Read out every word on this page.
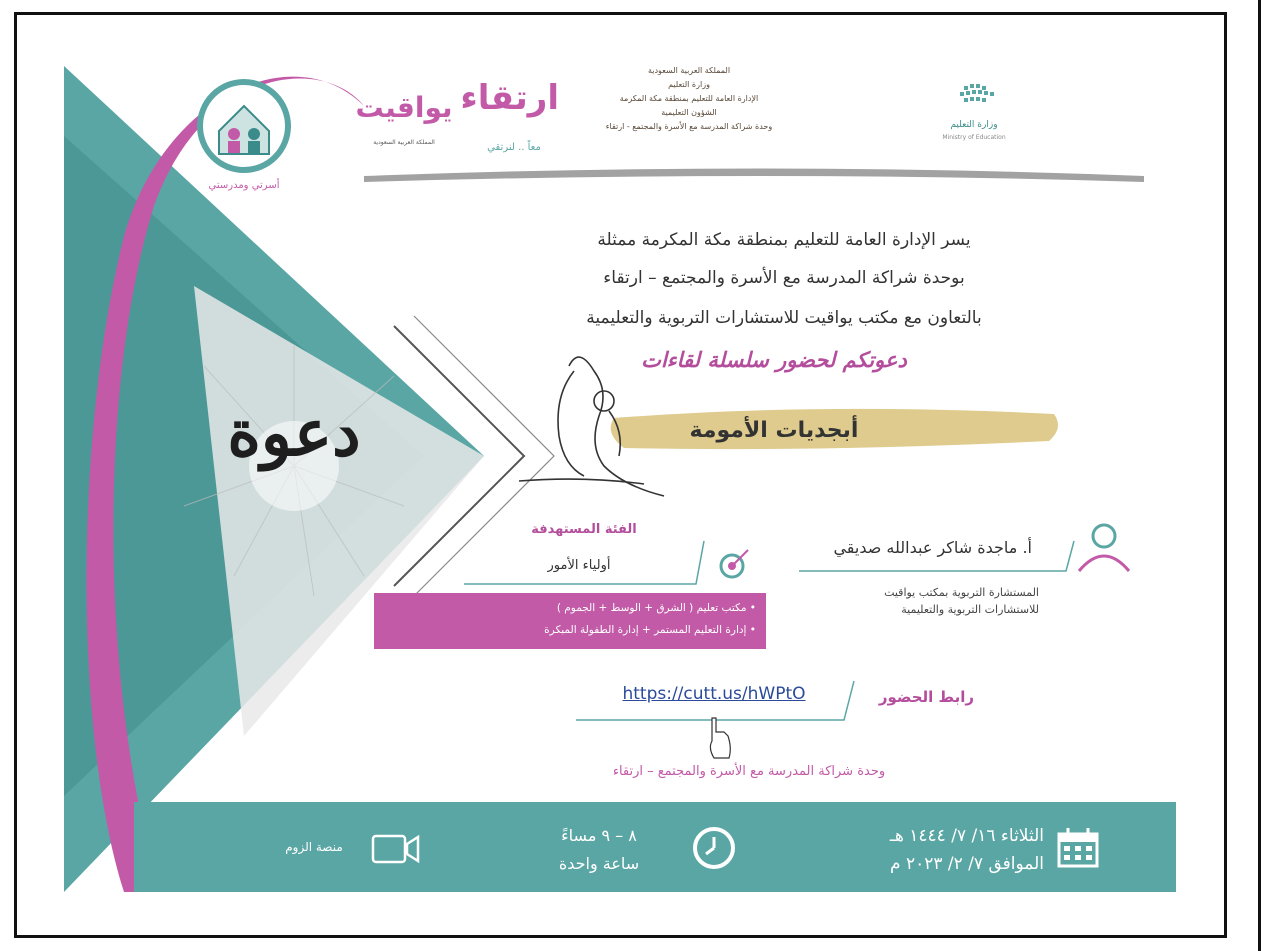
وزارة التعليم
Ministry of Education
المملكة العربية السعودية
وزارة التعليم
الإدارة العامة للتعليم بمنطقة مكة المكرمة
الشؤون التعليمية
وحدة شراكة المدرسة مع الأسرة والمجتمع - ارتقاء
ارتقاء
معاً .. لنرتقي
يواقيت
المملكة العربية السعودية
أسرتي ومدرستي
يسر الإدارة العامة للتعليم بمنطقة مكة المكرمة ممثلة
بوحدة شراكة المدرسة مع الأسرة والمجتمع – ارتقاء
بالتعاون مع مكتب يواقيت للاستشارات التربوية والتعليمية
دعوتكم لحضور سلسلة لقاءات
دعوة	أبجديات الأمومة
أ. ماجدة شاكر عبدالله صديقي
المستشارة التربوية بمكتب يواقيت
للاستشارات التربوية والتعليمية
الفئة المستهدفة
أولياء الأمور
• مكتب تعليم ( الشرق + الوسط + الجموم )
• إدارة التعليم المستمر + إدارة الطفولة المبكرة
رابط الحضور
https://cutt.us/hWPtO
وحدة شراكة المدرسة مع الأسرة والمجتمع – ارتقاء
الثلاثاء ١٦/ ٧/ ١٤٤٤ هـ
الموافق ٧/ ٢/ ٢٠٢٣ م
٨ – ٩ مساءً
ساعة واحدة
منصة الزوم
